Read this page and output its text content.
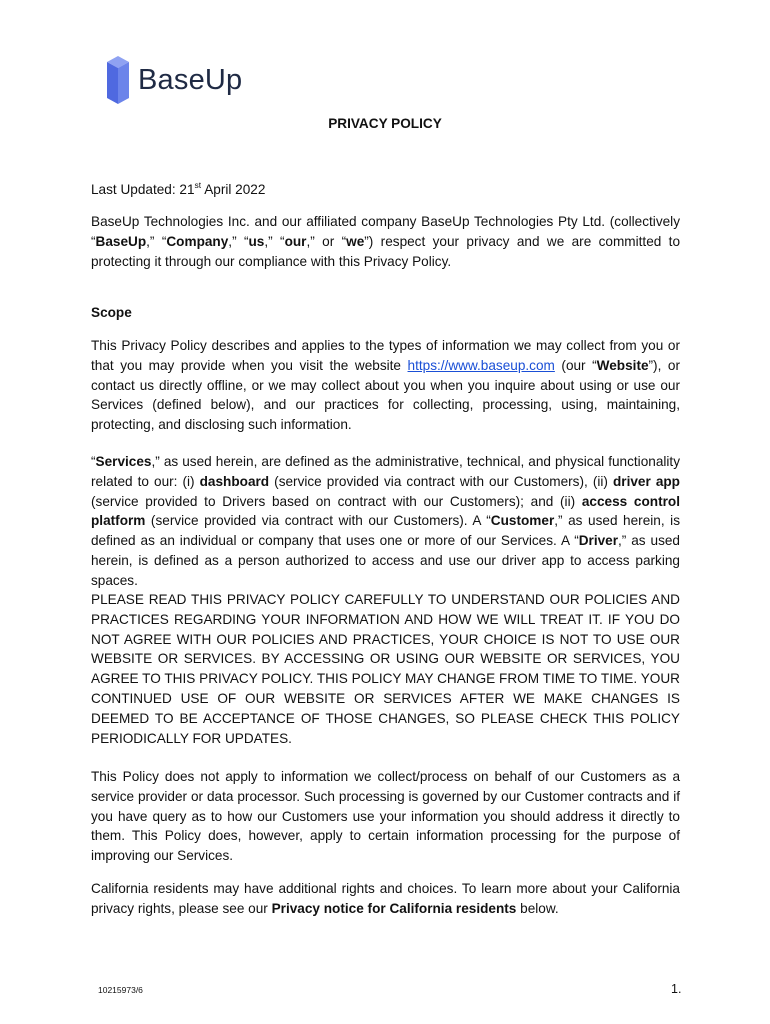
BaseUp
PRIVACY POLICY
Last Updated: 21st April 2022
BaseUp Technologies Inc. and our affiliated company BaseUp Technologies Pty Ltd. (collectively “BaseUp,” “Company,” “us,” “our,” or “we”) respect your privacy and we are committed to protecting it through our compliance with this Privacy Policy.
Scope
This Privacy Policy describes and applies to the types of information we may collect from you or that you may provide when you visit the website https://www.baseup.com (our “Website”), or contact us directly offline, or we may collect about you when you inquire about using or use our Services (defined below), and our practices for collecting, processing, using, maintaining, protecting, and disclosing such information.
“Services,” as used herein, are defined as the administrative, technical, and physical functionality related to our: (i) dashboard (service provided via contract with our Customers), (ii) driver app (service provided to Drivers based on contract with our Customers); and (ii) access control platform (service provided via contract with our Customers). A “Customer,” as used herein, is defined as an individual or company that uses one or more of our Services. A “Driver,” as used herein, is defined as a person authorized to access and use our driver app to access parking spaces.
PLEASE READ THIS PRIVACY POLICY CAREFULLY TO UNDERSTAND OUR POLICIES AND PRACTICES REGARDING YOUR INFORMATION AND HOW WE WILL TREAT IT. IF YOU DO NOT AGREE WITH OUR POLICIES AND PRACTICES, YOUR CHOICE IS NOT TO USE OUR WEBSITE OR SERVICES. BY ACCESSING OR USING OUR WEBSITE OR SERVICES, YOU AGREE TO THIS PRIVACY POLICY. THIS POLICY MAY CHANGE FROM TIME TO TIME. YOUR CONTINUED USE OF OUR WEBSITE OR SERVICES AFTER WE MAKE CHANGES IS DEEMED TO BE ACCEPTANCE OF THOSE CHANGES, SO PLEASE CHECK THIS POLICY PERIODICALLY FOR UPDATES.
This Policy does not apply to information we collect/process on behalf of our Customers as a service provider or data processor. Such processing is governed by our Customer contracts and if you have query as to how our Customers use your information you should address it directly to them. This Policy does, however, apply to certain information processing for the purpose of improving our Services.
California residents may have additional rights and choices. To learn more about your California privacy rights, please see our Privacy notice for California residents below.
10215973/6	1.
